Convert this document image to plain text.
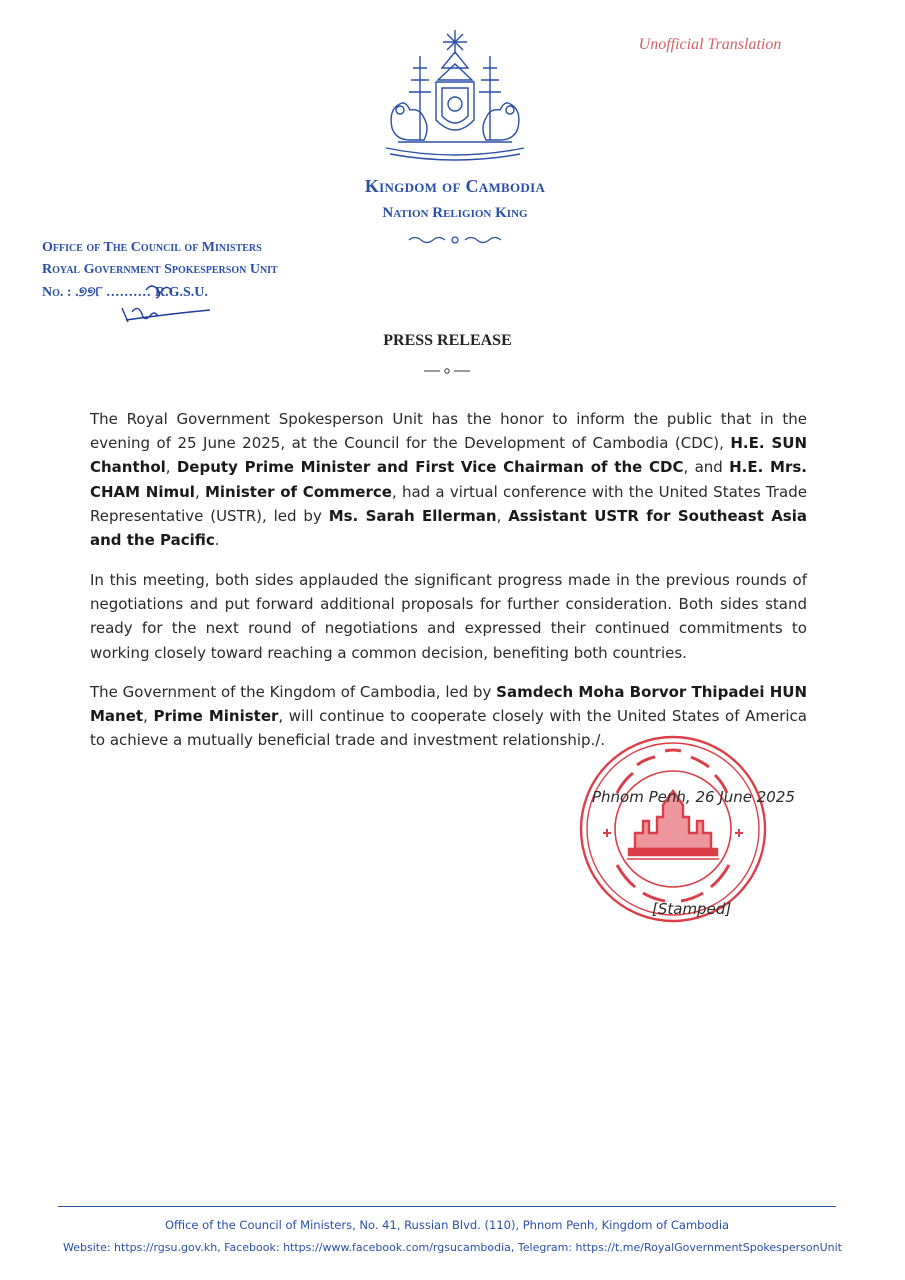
Unofficial Translation
Kingdom of Cambodia
Nation Religion King
Office of The Council of Ministers
Royal Government Spokesperson Unit
No. : .୭୭୮ .......... R.G.S.U.
PRESS RELEASE
The Royal Government Spokesperson Unit has the honor to inform the public that in the evening of 25 June 2025, at the Council for the Development of Cambodia (CDC), H.E. SUN Chanthol, Deputy Prime Minister and First Vice Chairman of the CDC, and H.E. Mrs. CHAM Nimul, Minister of Commerce, had a virtual conference with the United States Trade Representative (USTR), led by Ms. Sarah Ellerman, Assistant USTR for Southeast Asia and the Pacific.
In this meeting, both sides applauded the significant progress made in the previous rounds of negotiations and put forward additional proposals for further consideration. Both sides stand ready for the next round of negotiations and expressed their continued commitments to working closely toward reaching a common decision, benefiting both countries.
The Government of the Kingdom of Cambodia, led by Samdech Moha Borvor Thipadei HUN Manet, Prime Minister, will continue to cooperate closely with the United States of America to achieve a mutually beneficial trade and investment relationship./.
Phnom Penh, 26 June 2025
[Stamped]
Office of the Council of Ministers, No. 41, Russian Blvd. (110), Phnom Penh, Kingdom of Cambodia
Website: https://rgsu.gov.kh, Facebook: https://www.facebook.com/rgsucambodia, Telegram: https://t.me/RoyalGovernmentSpokespersonUnit
